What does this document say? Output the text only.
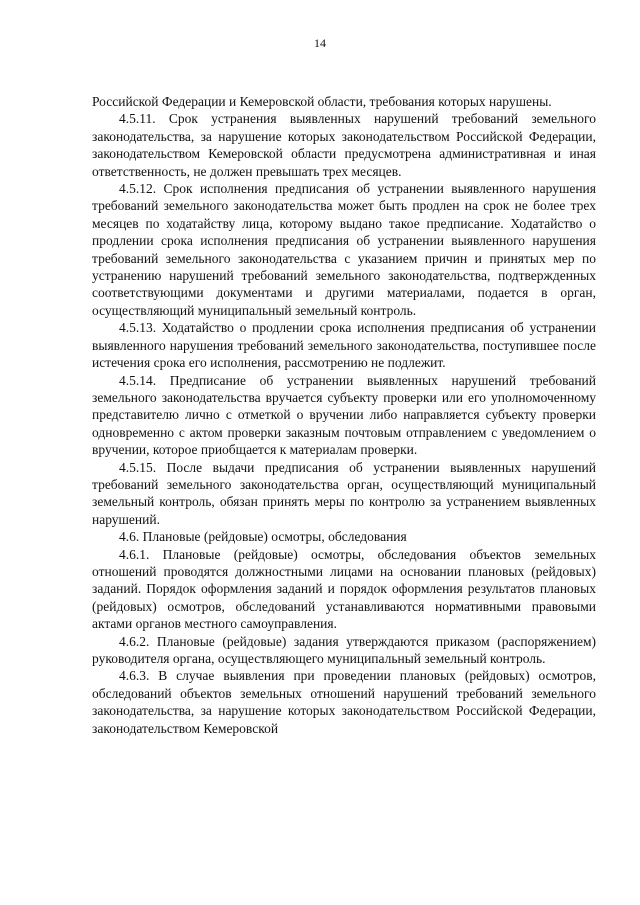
14

Российской Федерации и Кемеровской области, требования которых нарушены.

4.5.11. Срок устранения выявленных нарушений требований земельного законодательства, за нарушение которых законодательством Российской Федерации, законодательством Кемеровской области предусмотрена административная и иная ответственность, не должен превышать трех месяцев.

4.5.12. Срок исполнения предписания об устранении выявленного нарушения требований земельного законодательства может быть продлен на срок не более трех месяцев по ходатайству лица, которому выдано такое предписание. Ходатайство о продлении срока исполнения предписания об устранении выявленного нарушения требований земельного законодательства с указанием причин и принятых мер по устранению нарушений требований земельного законодательства, подтвержденных соответствующими документами и другими материалами, подается в орган, осуществляющий муниципальный земельный контроль.

4.5.13. Ходатайство о продлении срока исполнения предписания об устранении выявленного нарушения требований земельного законодательства, поступившее после истечения срока его исполнения, рассмотрению не подлежит.

4.5.14. Предписание об устранении выявленных нарушений требований земельного законодательства вручается субъекту проверки или его уполномоченному представителю лично с отметкой о вручении либо направляется субъекту проверки одновременно с актом проверки заказным почтовым отправлением с уведомлением о вручении, которое приобщается к материалам проверки.

4.5.15. После выдачи предписания об устранении выявленных нарушений требований земельного законодательства орган, осуществляющий муниципальный земельный контроль, обязан принять меры по контролю за устранением выявленных нарушений.

4.6. Плановые (рейдовые) осмотры, обследования

4.6.1. Плановые (рейдовые) осмотры, обследования объектов земельных отношений проводятся должностными лицами на основании плановых (рейдовых) заданий. Порядок оформления заданий и порядок оформления результатов плановых (рейдовых) осмотров, обследований устанавливаются нормативными правовыми актами органов местного самоуправления.

4.6.2. Плановые (рейдовые) задания утверждаются приказом (распоряжением) руководителя органа, осуществляющего муниципальный земельный контроль.

4.6.3. В случае выявления при проведении плановых (рейдовых) осмотров, обследований объектов земельных отношений нарушений требований земельного законодательства, за нарушение которых законодательством Российской Федерации, законодательством Кемеровской
